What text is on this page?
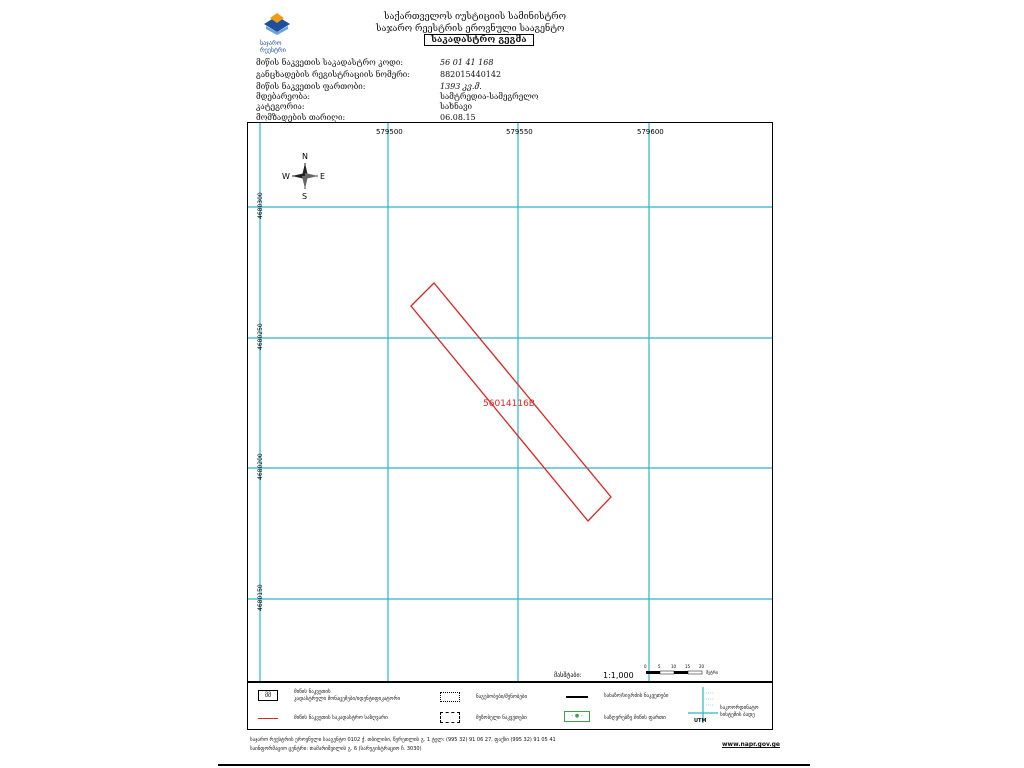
საჯარო
რეესტრი
საქართველოს იუსტიციის სამინისტრო
საჯარო რეესტრის ეროვნული სააგენტო
საკადასტრო გეგმა
მიწის ნაკვეთის საკადასტრო კოდი:	56 01 41 168
განცხადების რეგისტრაციის ნომერი:	882015440142
მიწის ნაკვეთის ფართობი:	1393 კვ.მ.
მდებარეობა:	სამტრედია-სამეგრელო
კატეგორია:	სახნავი
მომზადების თარიღი:	06.08.15
579500	579550	579600
4680300
4680250
4680200
4680150
N
S
E
W
56014116B
მასშტაბი:	1:1,000
0	5	10 15 20
მეტრი
მმ	მიწის ნაკვეთის
კადასტრული მონაცემები/იდენტიფიკატორი	ნაგებობები/შენობები	სახაზო/სიგრძის ნაკვეთები
მიწის ნაკვეთის საკადასტრო საზღვარი	მეზობელი ნაკვეთები	- ● -	საზღვრებზე მიწის ფართი	UTM
საკოორდინატო
სისტემის ბადე
საჯარო რეესტრის ეროვნული სააგენტო 0102 ქ. თბილისი, წერეთლის გ. 1 ტელ: (995 32) 91 06 27, ფაქსი (995 32) 91 05 41
საინფორმაციო ცენტრი: თამარიშვილის გ. 6 (სარეგისტრაციო ჩ. 3030)
www.napr.gov.ge
